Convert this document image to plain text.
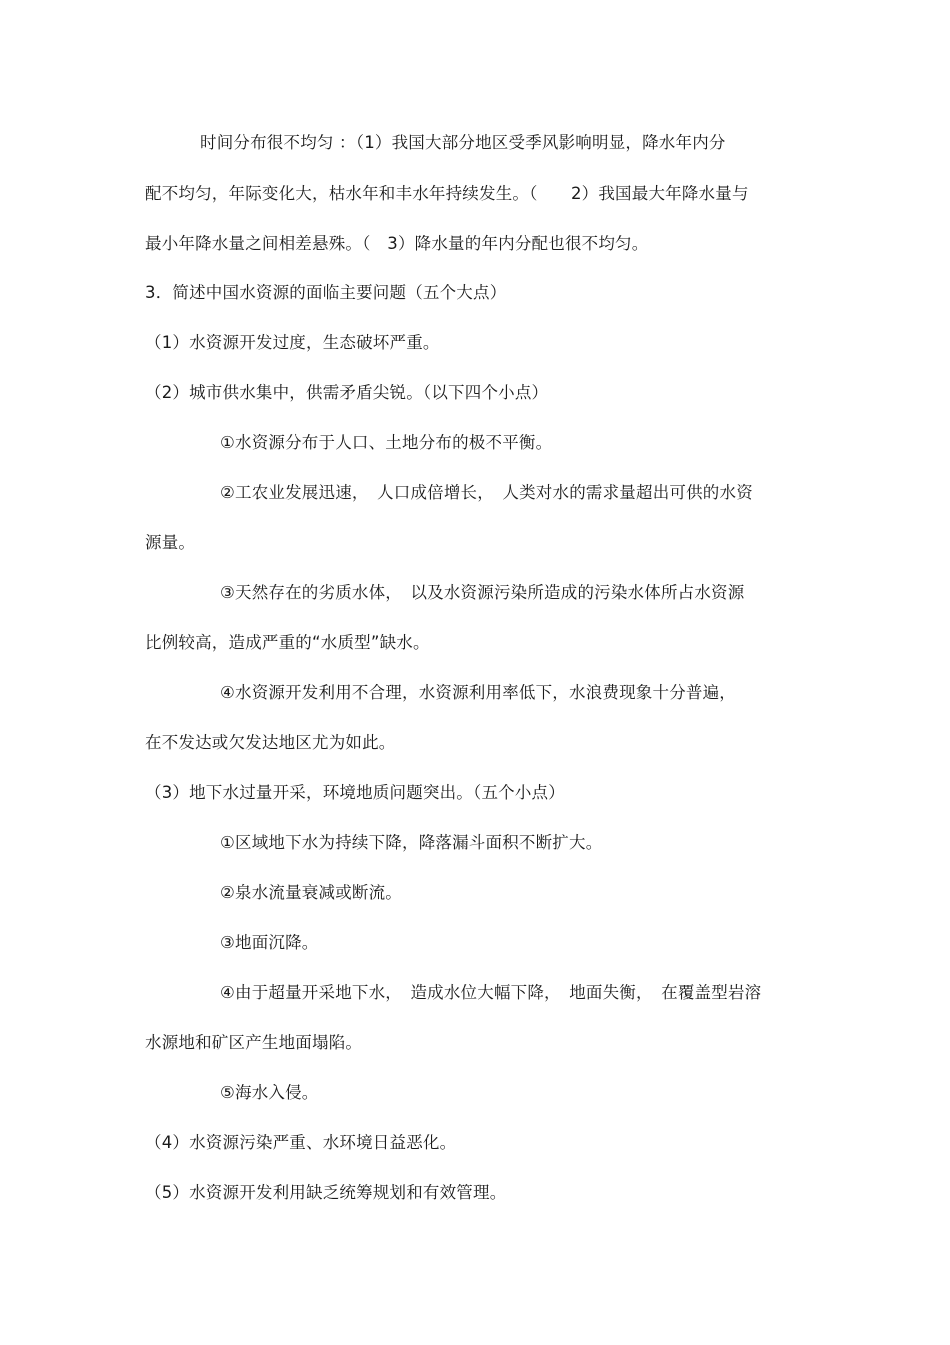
时间分布很不均匀 ：（1）我国大部分地区受季风影响明显，降水年内分
配不均匀，年际变化大，枯水年和丰水年持续发生。（　　2）我国最大年降水量与
最小年降水量之间相差悬殊。（　3）降水量的年内分配也很不均匀。
3．简述中国水资源的面临主要问题（五个大点）
（1）水资源开发过度，生态破坏严重。
（2）城市供水集中，供需矛盾尖锐。（以下四个小点）
①水资源分布于人口、土地分布的极不平衡。
②工农业发展迅速，　人口成倍增长，　人类对水的需求量超出可供的水资
源量。
③天然存在的劣质水体，　以及水资源污染所造成的污染水体所占水资源
比例较高，造成严重的“水质型”缺水。
④水资源开发利用不合理，水资源利用率低下，水浪费现象十分普遍，
在不发达或欠发达地区尤为如此。
（3）地下水过量开采，环境地质问题突出。（五个小点）
①区域地下水为持续下降，降落漏斗面积不断扩大。
②泉水流量衰减或断流。
③地面沉降。
④由于超量开采地下水，　造成水位大幅下降，　地面失衡，　在覆盖型岩溶
水源地和矿区产生地面塌陷。
⑤海水入侵。
（4）水资源污染严重、水环境日益恶化。
（5）水资源开发利用缺乏统筹规划和有效管理。
